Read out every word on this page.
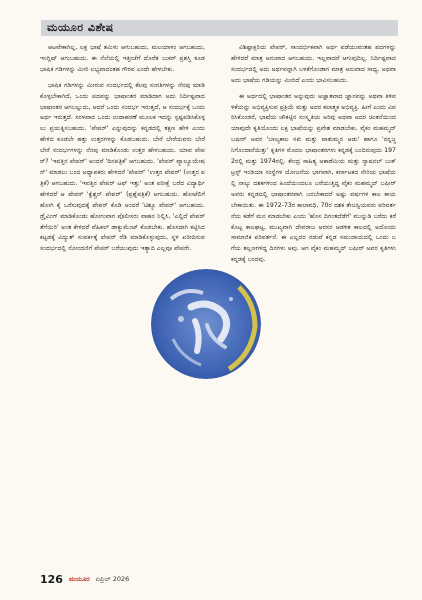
ಮಯೂರ ವಿಶೇಷ

ಆಟವೇಕಾಗಿಲ್ಲ, ಲಕ್ಷ ಭಾಷೆ ತಮಿಳು ಆಗುಬಹುದು, ಮಲಯಾಳಂ ಆಗಬಹುದು, ಇಂಗ್ಲಿಷ್ ಆಗುಬಹುದು. ಈ ನೆಲೆಯಲ್ಲಿ ಇತ್ತೀಚೆಗೆ ದೊರೆತ ಬುಕರ್ ಪ್ರಶಸ್ತಿ ಕೂಡ ಭಾಷಿಕ ಗಡಿಗಳನ್ನು ಮೀರಿ ಲಭ್ಯವಾದಂತಹ ಗೌರವ ಎಂದೇ ಹೇಳಬೇಕು.

ಭಾಷಿಕ ಗಡಿಗಳನ್ನು ಮೀರುವ ಸಂದರ್ಭದಲ್ಲಿ ಕೆಲವು ಸಂಗತಿಗಳನ್ನು ನೆನಪು ಮಾಡಿ ಕೊಳ್ಳಬೇಕಾಗಿದೆ, ಒಂದು ಪದವನ್ನು ಭಾಷಾಂತರ ಮಾಡಿದಾಗ ಅದು ನಿರ್ದಿಷ್ಟವಾದ ಭಾಷಾಂತರ ಆಗಬಲ್ಲುದು, ಆದರೆ ಒಂದು ಸಂದರ್ಭ ಇರುತ್ತದೆ, ಆ ಸಂದರ್ಭಕ್ಕೆ ಒಂದು ಅರ್ಥ ಇರುತ್ತದೆ. ಸರಳವಾದ ಒಂದು ಉದಾಹರಣೆ ಮೂಲಕ ಇದನ್ನು ಸ್ಪಷ್ಟಪಡಿಸಿಕೊಳ್ಳಲು ಪ್ರಯತ್ನಿಸಬಹುದು. 'ಪೇಪರ್' ಎನ್ನುವುದನ್ನು ಕನ್ನಡದಲ್ಲಿ ತಕ್ಷಣ ಹೇಳಿ ಎಂದು ಹೇಳಿದ ಕೂಡಲೇ ಹತ್ತು ಉತ್ತರಗಳನ್ನು ಕೊಡಬಹುದು. ಬೇರೆ ಬೇರೆಯವರು ಬೇರೆ ಬೇರೆ ಸಂದರ್ಭಗಳನ್ನು ನೆನಪು ಮಾಡಿಕೊಂಡು ಉತ್ತರ ಹೇಳಬಹುದು. ಯಾವ ಪೇಪರ್? 'ಇವತ್ತಿನ ಪೇಪರ್' ಅಂದರೆ 'ದಿನಪತ್ರಿಕೆ' ಆಗಬಹುದು. 'ಪೇಪರ್ ವ್ಯಾಲ್ಯೂಯೇಷನ್' ಮಾಡಲು ಬಂದ ಅಧ್ಯಾಪಕರು ಹೇಳಿದರೆ 'ಪೇಪರ್' 'ಉತ್ತರ ಪೇಪರ್' (ಉತ್ತರ ಪತ್ರಿಕೆ) ಆಗಬಹುದು. 'ಇವತ್ತಿನ ಪೇಪರ್ ಟಫ್ ಇತ್ತು' ಅಂತ ಪರೀಕ್ಷೆ ಬರೆದ ವಿದ್ಯಾರ್ಥಿ ಹೇಳಿದರೆ ಆ ಪೇಪರ್ 'ಕ್ವೆಶ್ಚನ್ ಪೇಪರ್' (ಪ್ರಶ್ನೆಪತ್ರಿಕೆ) ಆಗಬಹುದು. ಹೋಟೆಲಿಗೆ ಹೋಗಿ ಕೈ ಒರೆಸುವುದಕ್ಕೆ ಪೇಪರ್ ಕೊಡಿ ಅಂದರೆ 'ಟಿಶ್ಯೂ ಪೇಪರ್' ಆಗಬಹುದು. ಡ್ರೈವಿಂಗ್ ಮಾಡಿಕೊಂಡು ಹೋಗುವಾಗ ಪೊಲೀಸರು ವಾಹನ ನಿಲ್ಲಿಸಿ, 'ಎಲ್ಲಿದೆ ಪೇಪರ್ ತೆಗೆಯಿರಿ' ಅಂತ ಕೇಳಿದರೆ ವೆಹಿಕಲ್ ಡಾಕ್ಯುಮೆಂಟ್ ಕೊಡಬೇಕು. ಹೊಸದಾಗಿ ಕಟ್ಟಿಸಿದ ಕಟ್ಟಡಕ್ಕೆ ವಿದ್ಯುತ್ ಸಂಪರ್ಕಕ್ಕೆ ಪೇಪರ್ ರೆಡಿ ಮಾಡಿಕೊಳ್ಳುವುದು, ಸ್ಥಳ ಖರೀದಿಸುವ ಸಂದರ್ಭದಲ್ಲಿ ನೋಂದಣಿಗೆ ಪೇಪರ್ ಬರೆಯುವುದು ಇತ್ಯಾದಿ ಎಲ್ಲವೂ ಪೇಪರೇ.

ವಿಶಿಷ್ಟಾಕ್ಷರಿಯ ಪೇಪರ್, ಸಾಂದರ್ಭಿಕವಾಗಿ ಅರ್ಥ ಪಡೆಯುವಂತಹ ಪದಗಳನ್ನು ಹೇಳಿದರೆ ಮಾತ್ರ ಅನುವಾದ ಆಗಬಹುದು. ಇಲ್ಲವಾದರೆ ಆಗುವುದಿಲ್ಲ. ನಿರ್ದಿಷ್ಟವಾದ ಸಂದರ್ಭದಲ್ಲಿ ಅದು ಅರ್ಥವನ್ನಾಗಿ ಬಳಕೆಗೊಂಡಾಗ ಮಾತ್ರ ಅನುವಾದ ಸಾಧ್ಯ. ಅಥವಾ ಅದು ಭಾಷೆಯ ಗಡಿಯನ್ನು ಮೀರಿದೆ ಎಂದು ಭಾವಿಸಬಹುದು.

ಈ ಅರ್ಥದಲ್ಲಿ ಭಾಷಾಂತರ ಅನ್ನುವುದು ಅಜ್ಞಾತವಾದ ಜ್ಞಾನವನ್ನು ಅಥವಾ ತಿಳಿವಳಿಕೆಯನ್ನು ಅಭಿವ್ಯಕ್ತಿಸುವ ಪ್ರಕ್ರಿಯೆ ಮತ್ತು ಅದರ ಕಲಾತ್ಮಕ ಅಭಿವ್ಯಕ್ತಿ. ಹೀಗೆ ಎಂದು ವಿವರಿಸಿಕೊಂಡರೆ, ಭಾಷೆಯ ಚೌಕಟ್ಟಿನ ಸಂಸ್ಕೃತಿಯ ಅರಿವು ಅಥವಾ ಅದರ ಚಿಂತನೆಯಿಂದ ಯಾವುದೇ ಕೃತಿಯೊಂದು ಲಕ್ಷ ಭಾಷೆಯನ್ನು ಪ್ರವೇಶ ಮಾಡಬೇಕು. ವೈಕಂ ಮಹಮ್ಮದ್ ಬಷೀರ್ ಅವರ 'ಬಾಲ್ಯಕಾಲ ಸಖಿ ಮತ್ತು ಪಾತುಮ್ಮನ ಆಡು' ಹಾಗೂ 'ನನ್ನಜ್ಜನಿಗೊಂದಾನೆಯಿತ್ತು' ಕೃತಿಗಳ ಮೊದಲ ಭಾಷಾಂತರಗಳು ಕನ್ನಡಕ್ಕೆ ಬಂದಿರುವುದು 1972ರಲ್ಲಿ ಮತ್ತು 1974ರಲ್ಲಿ. ಕೇಂದ್ರ ಸಾಹಿತ್ಯ ಅಕಾಡೆಮಿಯ ಮತ್ತು ನ್ಯಾಷನಲ್ ಬುಕ್ ಟ್ರಸ್ಟ್ ಇಂಡಿಯಾ ಸಂಸ್ಥೆಗಳ ಯೋಜನೆಯ ಭಾಗವಾಗಿ, ಕರ್ನಾಟಕದ ನೇರಿಯ ಭಾಷೆಯಲ್ಲಿ ನಾಲ್ಕು ದಶಕಗಳಿಂದ ಹಿಂದೆಯಿಂದಲೂ ಬರೆಯುತ್ತಿದ್ದ ವೈಕಂ ಮಹಮ್ಮದ್ ಬಷೀರ್ ಅವರು ಕನ್ನಡದಲ್ಲಿ ಭಾಷಾಂತರವಾಗಿ ಬರಬೇಕಾದರೆ ಅಷ್ಟು ವರ್ಷಗಳ ಕಾಲ ಕಾಯಬೇಕಾಯಿತು. ಈ 1972-73ರ ಕಾಲಾವಧಿ, 70ರ ದಶಕ ತೇಜಸ್ವಿಯವರು ಪರಿವರ್ತನೆಯ ಕಡೆಗೆ ಮನ ಮಾಡಬೇಕು ಎಂದು 'ಹೊಸ ದಿಗಂತದೆಡೆಗೆ' ಮುನ್ನುಡಿ ಬರೆದು ಕರೆ ಕೊಟ್ಟ ಕಾಲಘಟ್ಟ, ಮುಖ್ಯವಾಗಿ ದೇವರಾಜ ಅರಸರ ಆಡಳಿತ ಕಾಲದಲ್ಲಿ ಅದೊಂದು ಸಾಮಾಜಿಕ ಪರಿವರ್ತನೆ. ಈ ಎಲ್ಲದರ ನಡುವೆ ಕನ್ನಡ ಸಮುದಾಯದಲ್ಲಿ ಒಂದು ಬಗೆಯ ತಲ್ಲಣಗಳಿದ್ದ ದಿನಗಳು ಅವು. ಆಗ ವೈಕಂ ಮಹಮ್ಮದ್ ಬಷೀರ್ ಅವರ ಕೃತಿಗಳು ಕನ್ನಡಕ್ಕೆ ಬಂದವು.

126 ಮಯೂರ ಏಪ್ರಿಲ್ 2026
